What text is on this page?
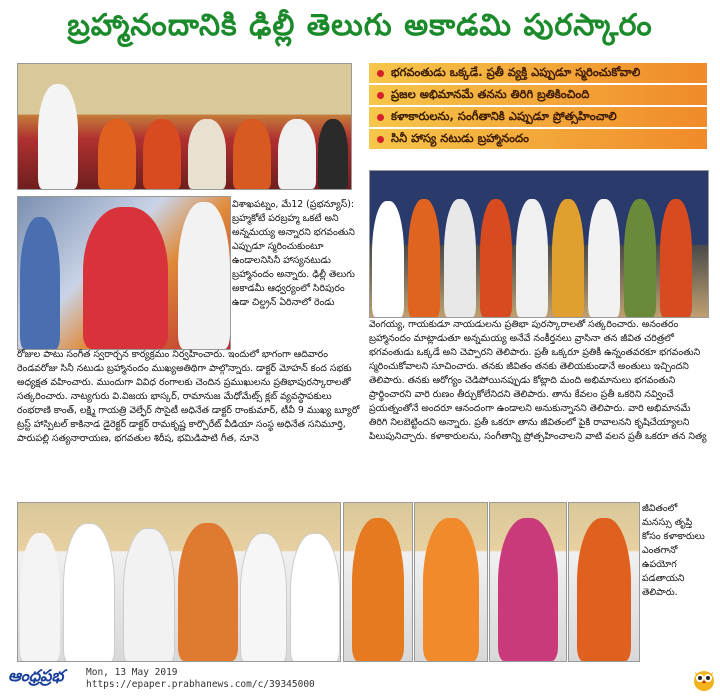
బ్రహ్మానందానికి ఢిల్లీ తెలుగు అకాడమి పురస్కారం
భగవంతుడు ఒక్కడే. ప్రతీ వ్యక్తి ఎప్పుడూ స్మరించుకోవాలి
ప్రజల అభిమానమే తనను తిరిగి బ్రతికించింది
కళాకారులను, సంగీతానికి ఎప్పుడూ ప్రోత్సహించాలి
సినీ హాస్య నటుడు బ్రహ్మానందం

విశాఖపట్నం, మే12 (ప్రభన్యూస్): బ్రహ్మకోటే పరబ్రహ్మ ఒకటే అని అన్నమయ్య అన్నారని భగవంతుని ఎప్పుడూ స్మరించుకుంటూ ఉండాలనిసినీ హాస్యనటుడు బ్రహ్మానందం అన్నారు. ఢిల్లీ తెలుగు అకాడమీ ఆధ్వర్యంలో సిరిపురం ఉడా చిల్డ్రన్ ఏరినాలో రెండు

రోజుల పాటు సంగీత స్వరార్చన కార్యక్రమం నిర్వహించారు. ఇందులో భాగంగా ఆదివారం రెండవరోజు సినీ నటుడు బ్రహ్మానందం ముఖ్యఅతిథిగా పాల్గొన్నారు. డాక్టర్ మోహన్ కంద సభకు అధ్యక్షత వహించారు. ముందుగా వివిధ రంగాలకు చెందిన ప్రముఖులను ప్రతిభాపురస్కారాలతో సత్కరించారు. నాట్యగురు వి.విజయ భాస్కర్, రామానుజ మేధోమేట్స్ క్లబ్ వ్యవస్థాపకులు రంభరాణి కాంత్, లక్ష్మి గాయత్రి వెల్ఫేర్ సొసైటీ అధినేత డాక్టర్ రాంకుమార్, టీవీ 9 ముఖ్య బ్యూరో ట్రస్ట్ హాస్పిటల్ కాకినాడ డైరెక్టర్ డాక్టర్ రామకృష్ణ కార్పొరేట్ వీడియా సంస్థ అధినేత సనిమూర్తి, పారుపల్లి సత్యనారాయణ, భగవతుల శిరీష, భమిడిపాటి గీత, నూనె

వెంగయ్య, గాయకుడూ నాయడులను ప్రతిభా పురస్కారాలతో సత్కరించారు. అనంతరం బ్రహ్మానందం మాట్లాడుతూ అన్నమయ్య అనేవే నంకీర్తనలు వ్రాసినా తన జీవిత చరిత్రలో భగవంతుడు ఒక్కడే అని చెప్పారని తెలిపారు. ప్రతీ ఒక్కరూ ప్రతికీ ఉన్నంతవరకూ భగవంతుని స్మరించుకోవాలని సూచించారు. తనకు జీవితం తనకు తెలియకుండానే అంతులు ఇచ్చిందని తెలిపారు. తనకు ఆరోగ్యం చెడిపోయినప్పుడు కోట్లాది మంది అభిమానులు భగవంతుని ప్రార్థించారని వారి రుణం తీర్చుకోలేనిదని తెలిపారు. తాను కేవలం ప్రతీ ఒకరిని నవ్వించే ప్రయత్నంతోనే అందరూ ఆనందంగా ఉండాలని అనుకున్నానని తెలిపారు. వారి అభిమానమే తిరిగి నిలబెట్టిందని అన్నారు. ప్రతీ ఒకరూ తాను జీవితంలో పైకి రావాలనని కృషిచేయ్యాలని పిలుపునిచ్చారు. కళాకారులను, సంగీతాన్ని ప్రోత్సహించాలని వాటి వలన ప్రతీ ఒకరూ తన నిత్య

జీవితంలో మనస్సు తృప్తి కోసం కళాకారులు ఎంతగానో ఉపయోగ పడతాయని తెలిపారు.

ఆంధ్రప్రభ Mon, 13 May 2019
https://epaper.prabhanews.com/c/39345000
